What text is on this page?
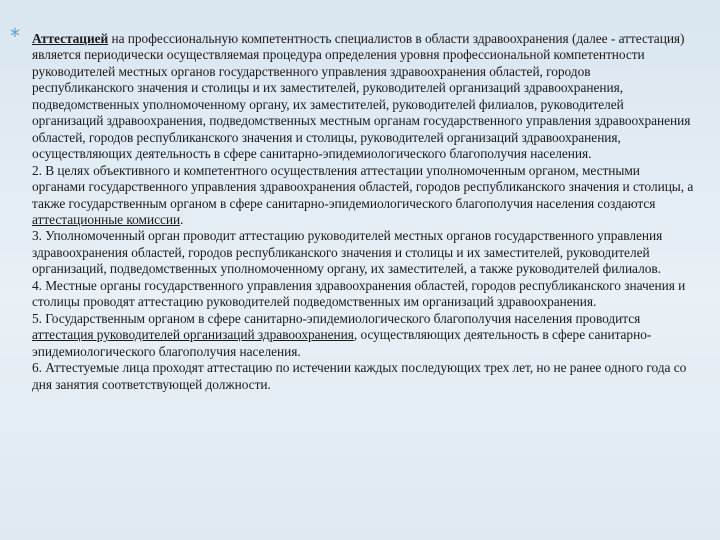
* Аттестацией на профессиональную компетентность специалистов в области здравоохранения (далее - аттестация) является периодически осуществляемая процедура определения уровня профессиональной компетентности руководителей местных органов государственного управления здравоохранения областей, городов республиканского значения и столицы и их заместителей, руководителей организаций здравоохранения, подведомственных уполномоченному органу, их заместителей, руководителей филиалов, руководителей организаций здравоохранения, подведомственных местным органам государственного управления здравоохранения областей, городов республиканского значения и столицы, руководителей организаций здравоохранения, осуществляющих деятельность в сфере санитарно-эпидемиологического благополучия населения.

2. В целях объективного и компетентного осуществления аттестации уполномоченным органом, местными органами государственного управления здравоохранения областей, городов республиканского значения и столицы, а также государственным органом в сфере санитарно-эпидемиологического благополучия населения создаются аттестационные комиссии.

3. Уполномоченный орган проводит аттестацию руководителей местных органов государственного управления здравоохранения областей, городов республиканского значения и столицы и их заместителей, руководителей организаций, подведомственных уполномоченному органу, их заместителей, а также руководителей филиалов.

4. Местные органы государственного управления здравоохранения областей, городов республиканского значения и столицы проводят аттестацию руководителей подведомственных им организаций здравоохранения.

5. Государственным органом в сфере санитарно-эпидемиологического благополучия населения проводится аттестация руководителей организаций здравоохранения, осуществляющих деятельность в сфере санитарно-эпидемиологического благополучия населения.

6. Аттестуемые лица проходят аттестацию по истечении каждых последующих трех лет, но не ранее одного года со дня занятия соответствующей должности.
